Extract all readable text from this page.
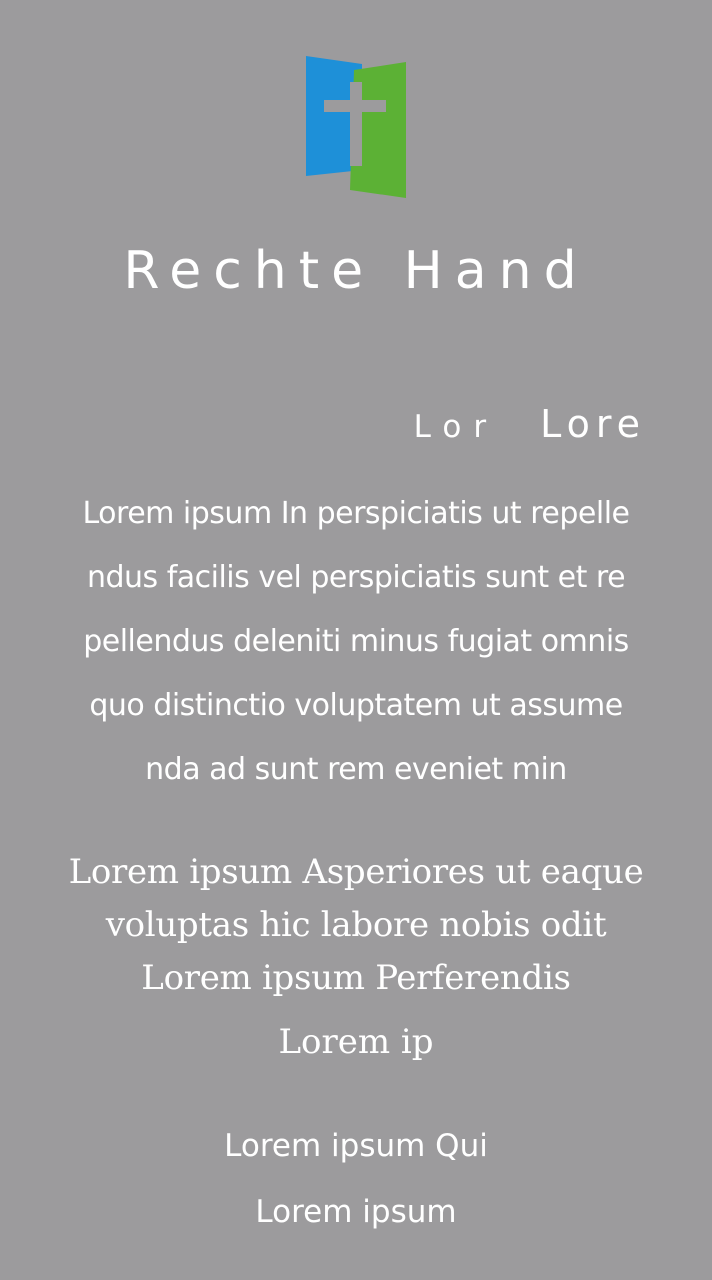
Rechte Hand
Lor Lore

Lorem ipsum In perspiciatis ut repelle
ndus facilis vel perspiciatis sunt et re
pellendus deleniti minus fugiat omnis
quo distinctio voluptatem ut assume
nda ad sunt rem eveniet min

Lorem ipsum Asperiores ut eaque
voluptas hic labore nobis odit
Lorem ipsum Perferendis

Lorem ip
Lorem ipsum Qui
Lorem ipsum
